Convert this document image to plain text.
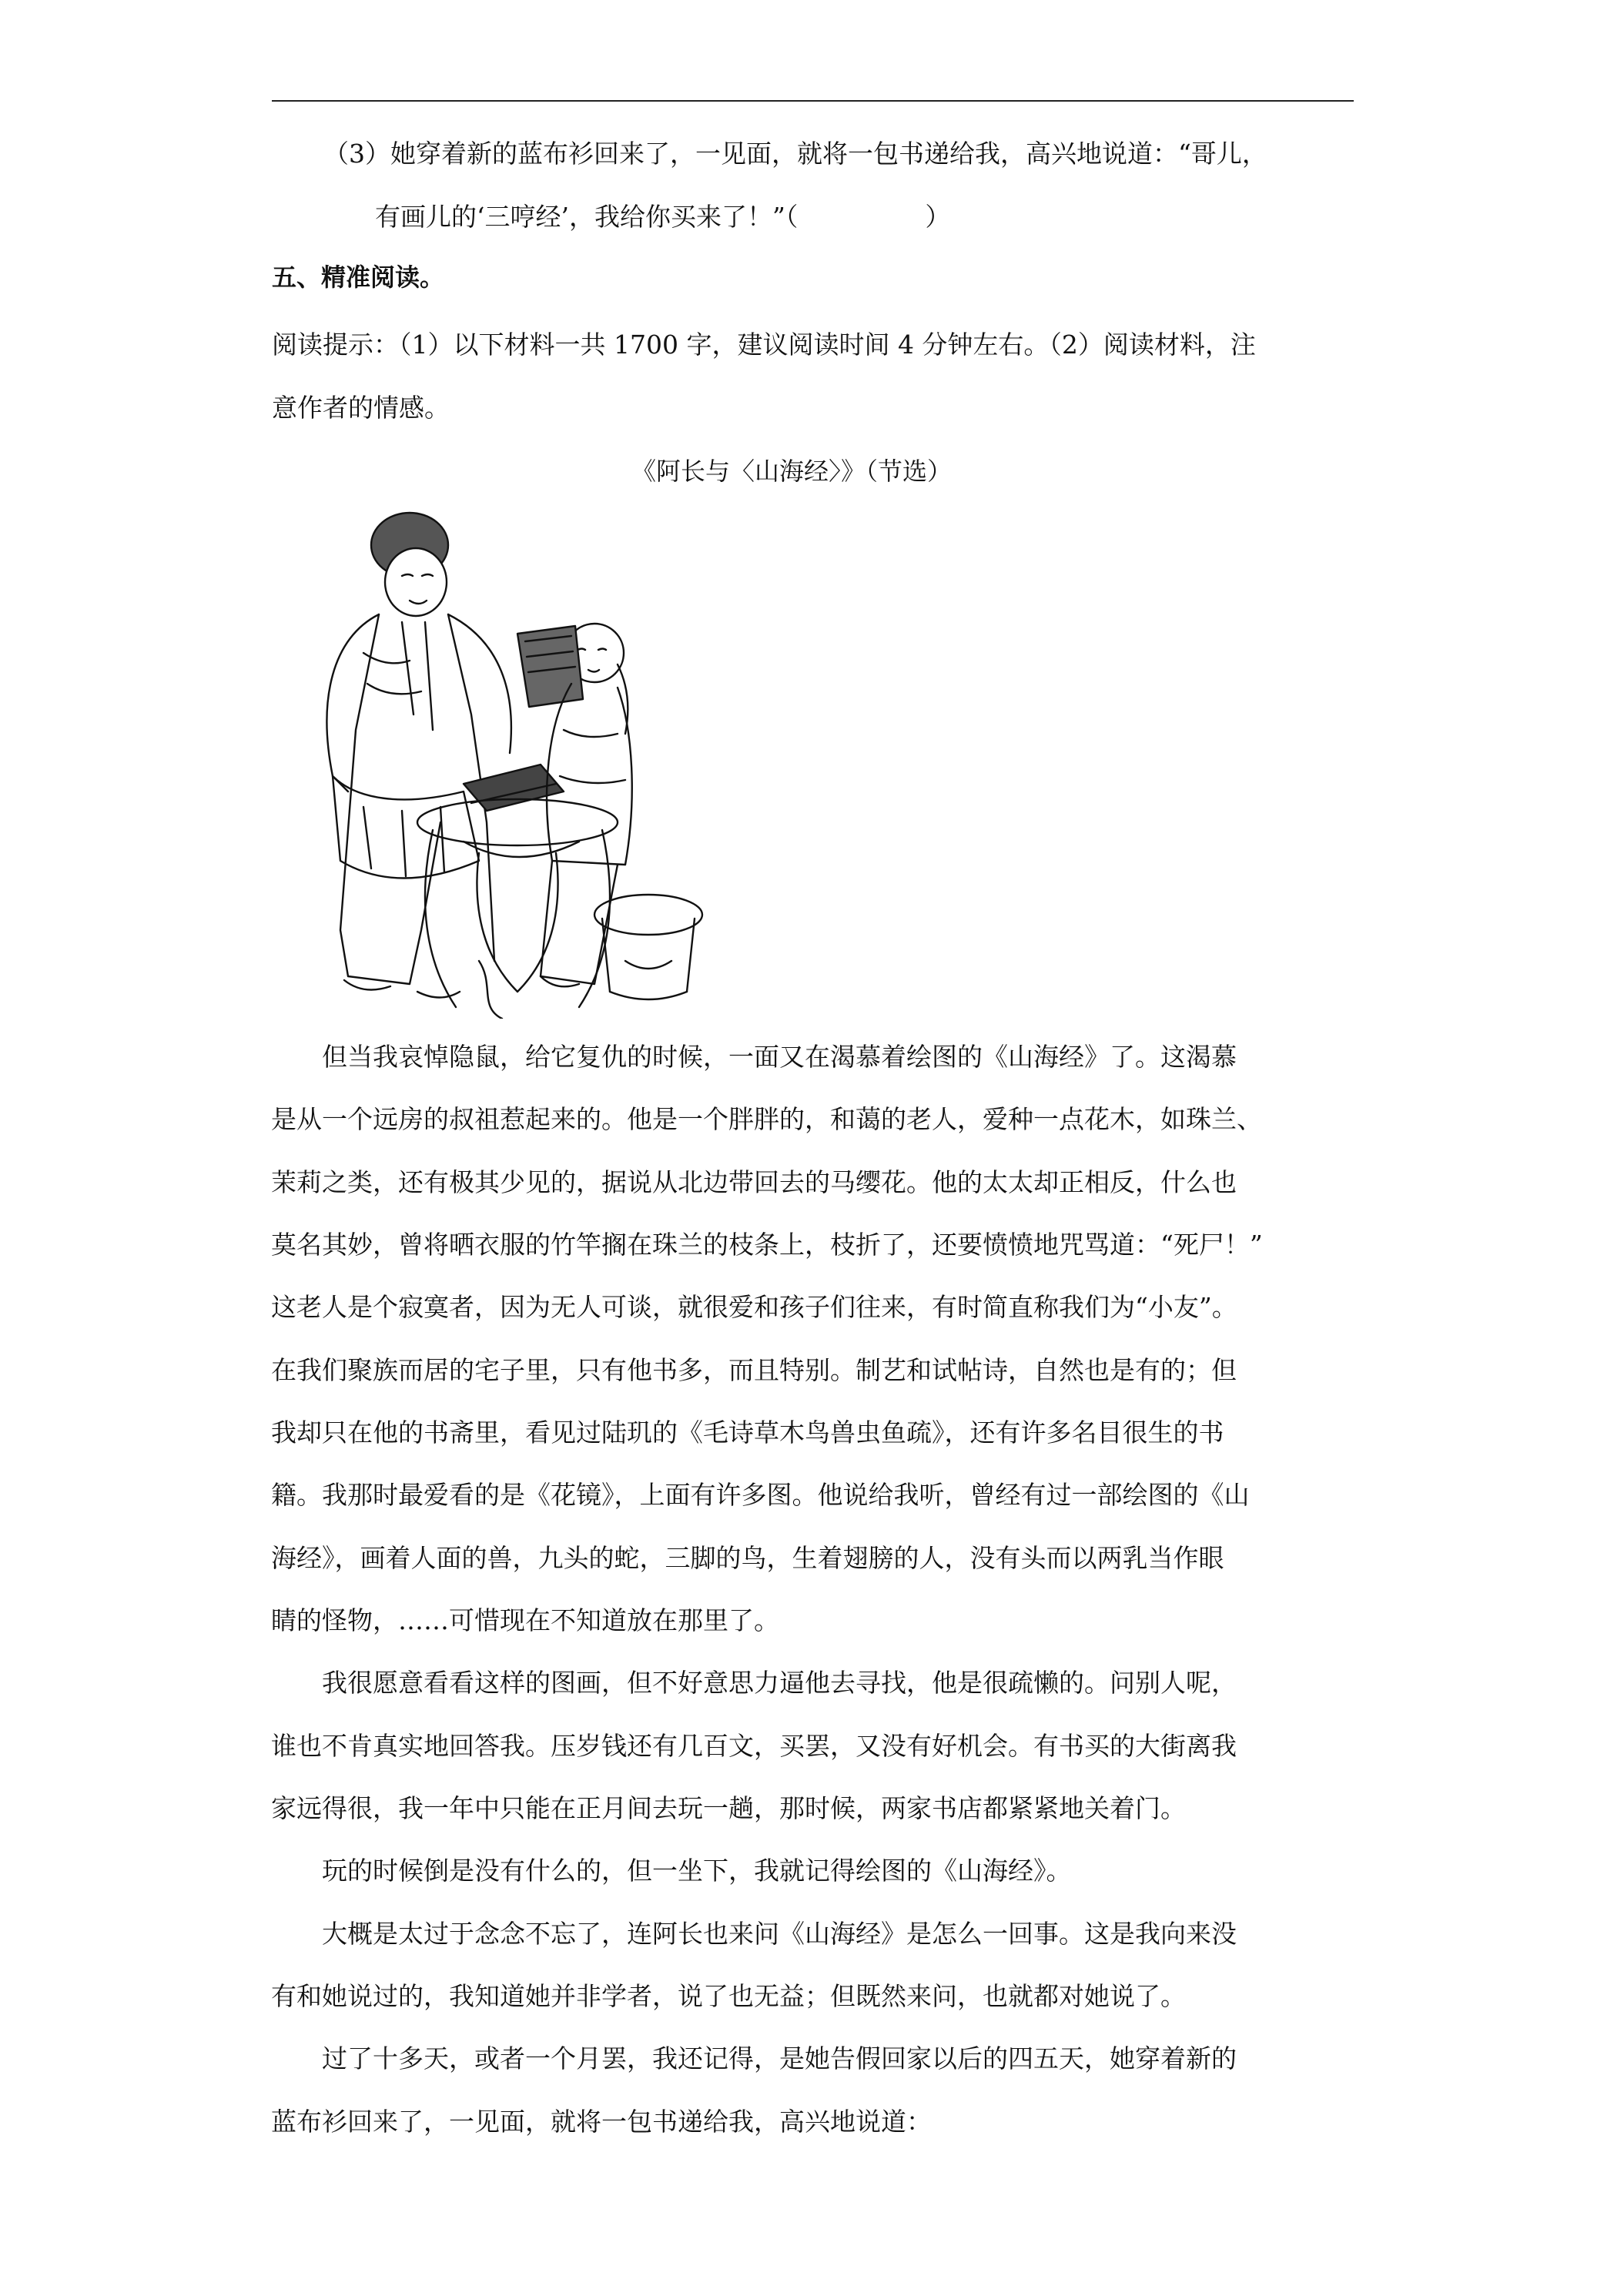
（3）她穿着新的蓝布衫回来了，一见面，就将一包书递给我，高兴地说道：“哥儿，
有画儿的‘三哼经’，我给你买来了！”（　　　　　）
五、精准阅读。
阅读提示：（1）以下材料一共 1700 字，建议阅读时间 4 分钟左右。（2）阅读材料，注
意作者的情感。
《阿长与〈山海经〉》（节选）
　　但当我哀悼隐鼠，给它复仇的时候，一面又在渴慕着绘图的《山海经》了。这渴慕
是从一个远房的叔祖惹起来的。他是一个胖胖的，和蔼的老人，爱种一点花木，如珠兰、
茉莉之类，还有极其少见的，据说从北边带回去的马缨花。他的太太却正相反，什么也
莫名其妙，曾将晒衣服的竹竿搁在珠兰的枝条上，枝折了，还要愤愤地咒骂道：“死尸！”
这老人是个寂寞者，因为无人可谈，就很爱和孩子们往来，有时简直称我们为“小友”。
在我们聚族而居的宅子里，只有他书多，而且特别。制艺和试帖诗，自然也是有的；但
我却只在他的书斋里，看见过陆玑的《毛诗草木鸟兽虫鱼疏》，还有许多名目很生的书
籍。我那时最爱看的是《花镜》，上面有许多图。他说给我听，曾经有过一部绘图的《山
海经》，画着人面的兽，九头的蛇，三脚的鸟，生着翅膀的人，没有头而以两乳当作眼
睛的怪物，……可惜现在不知道放在那里了。
　　我很愿意看看这样的图画，但不好意思力逼他去寻找，他是很疏懒的。问别人呢，
谁也不肯真实地回答我。压岁钱还有几百文，买罢，又没有好机会。有书买的大街离我
家远得很，我一年中只能在正月间去玩一趟，那时候，两家书店都紧紧地关着门。
　　玩的时候倒是没有什么的，但一坐下，我就记得绘图的《山海经》。
　　大概是太过于念念不忘了，连阿长也来问《山海经》是怎么一回事。这是我向来没
有和她说过的，我知道她并非学者，说了也无益；但既然来问，也就都对她说了。
　　过了十多天，或者一个月罢，我还记得，是她告假回家以后的四五天，她穿着新的
蓝布衫回来了，一见面，就将一包书递给我，高兴地说道：
